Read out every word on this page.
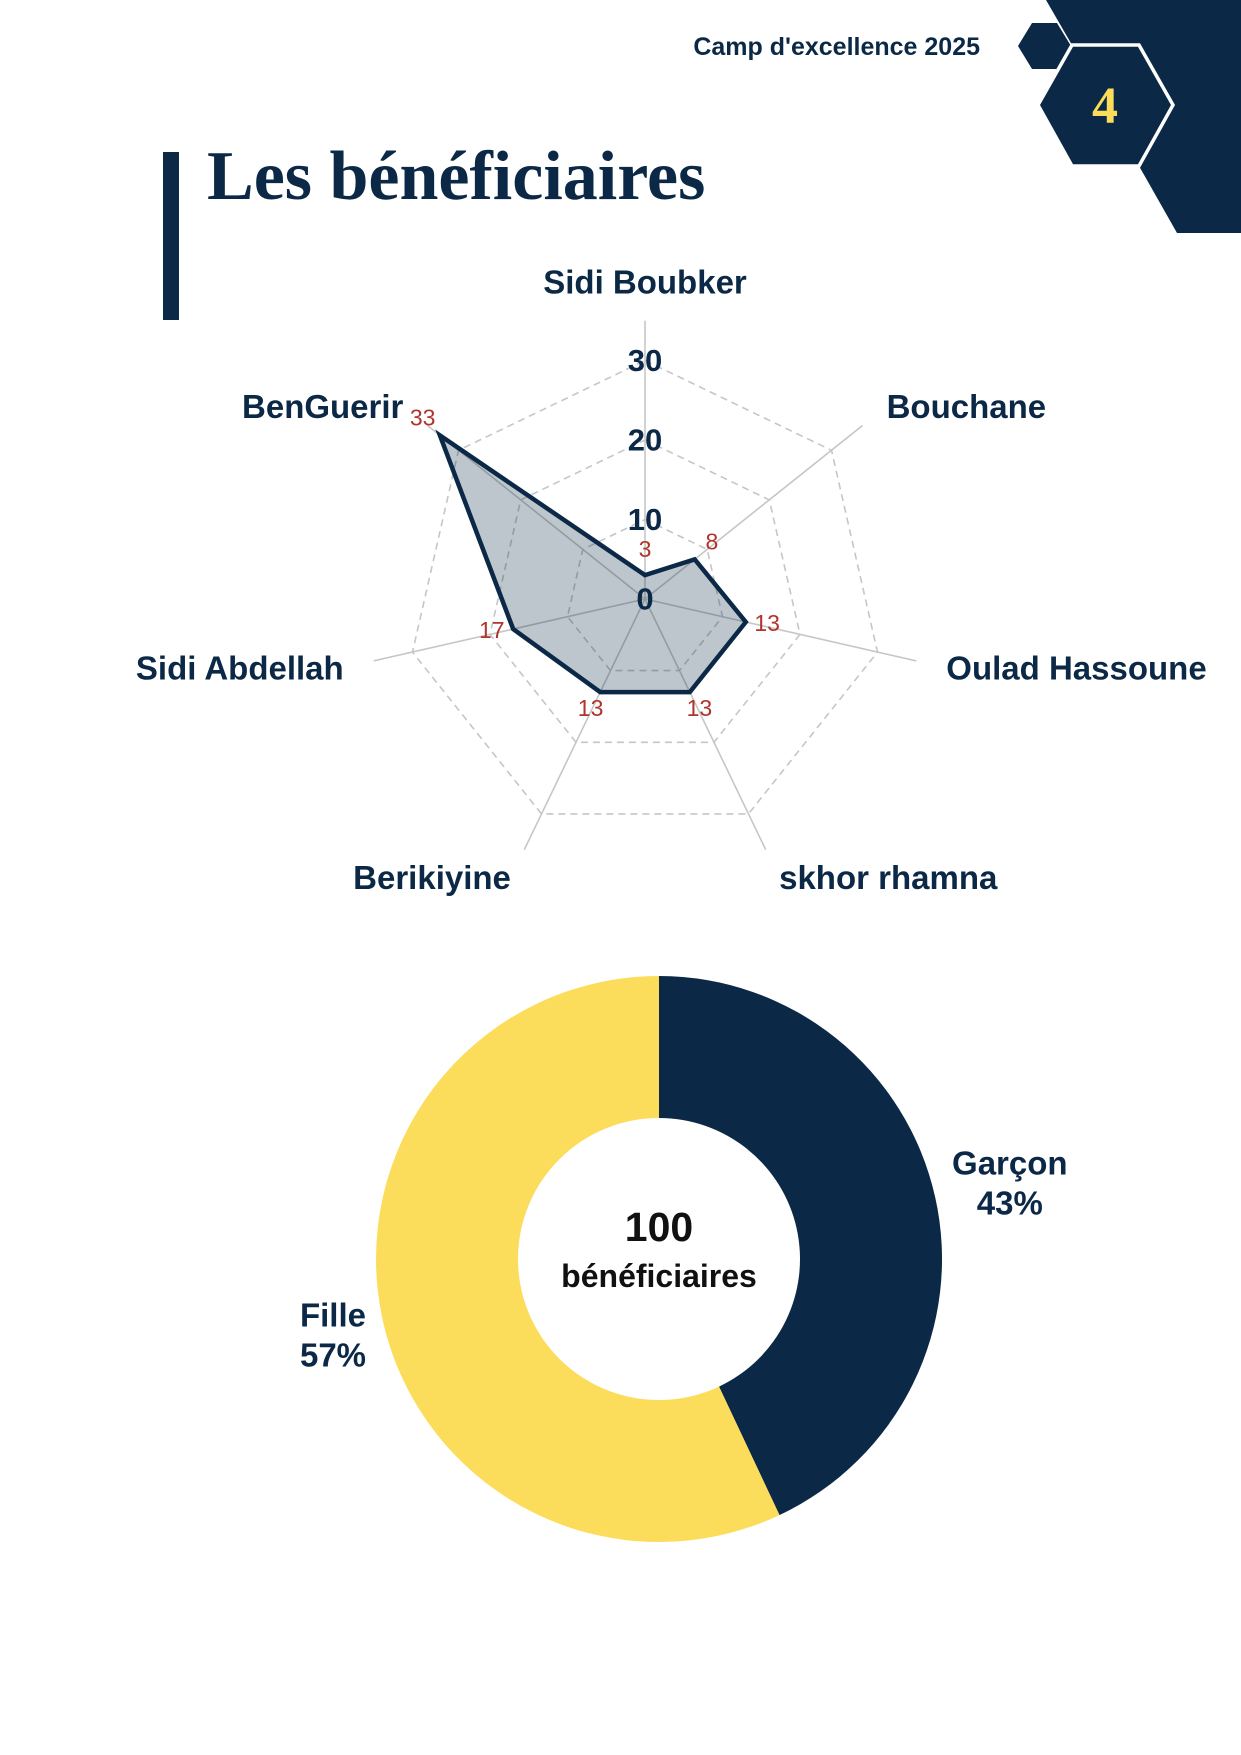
4
Camp d'excellence 2025
Les bénéficiaires
0
10
20
30
3 8
13
13
13
17
33
Sidi Boubker
Bouchane
Oulad Hassoune
skhor rhamna
Berikiyine
Sidi Abdellah
BenGuerir
Garçon
43%
Fille
57%
100
bénéficiaires
